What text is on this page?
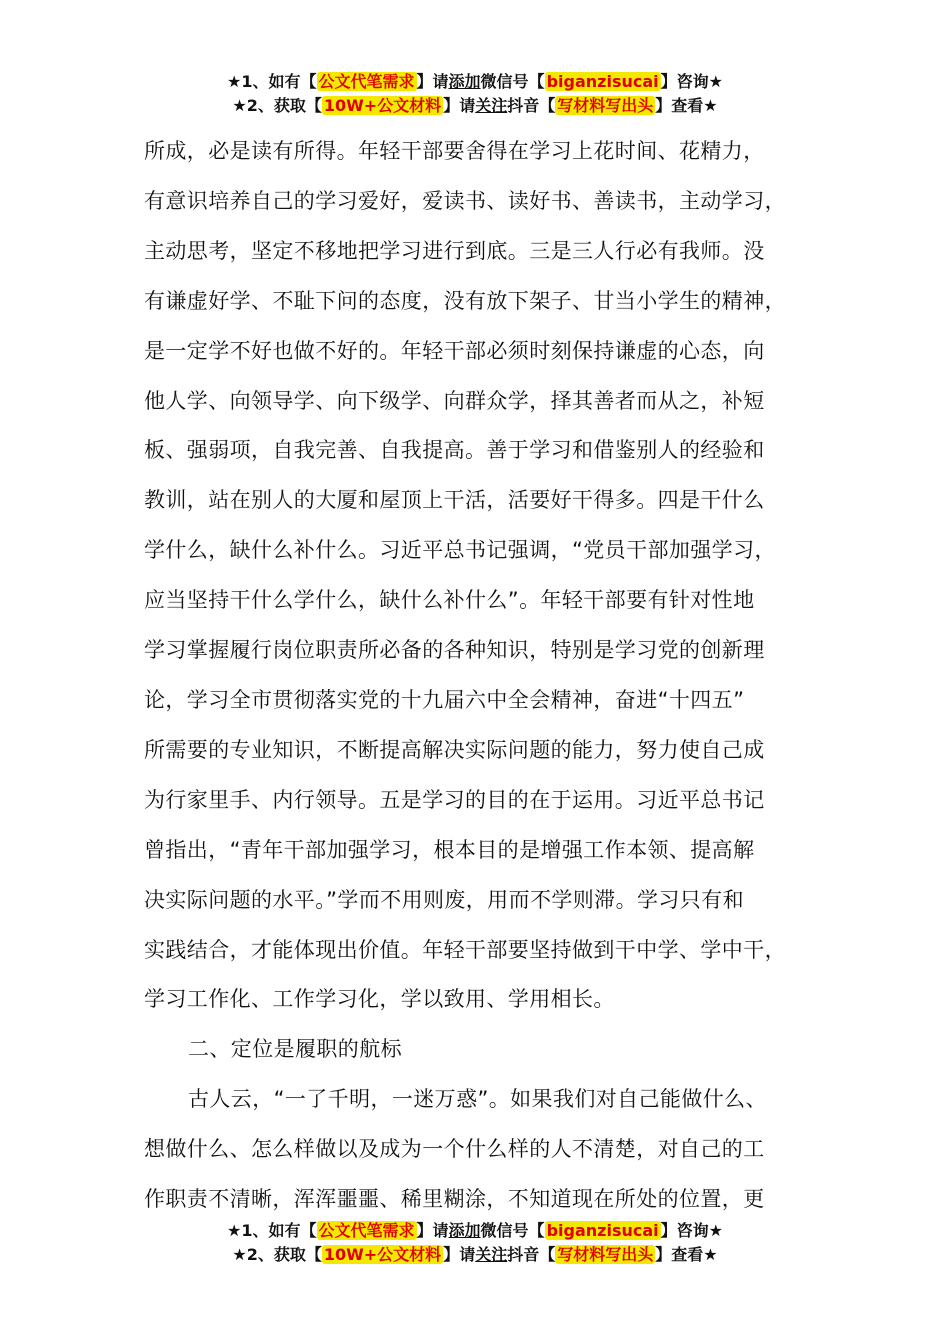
★1、如有【 公文代笔需求 】请添加微信号【 biganzisucai 】咨询★
★2、获取【 10W+公文材料 】请关注抖音【 写材料写出头 】查看★

所成，必是读有所得。年轻干部要舍得在学习上花时间、花精力，
有意识培养自己的学习爱好，爱读书、读好书、善读书，主动学习，
主动思考，坚定不移地把学习进行到底。三是三人行必有我师。没
有谦虚好学、不耻下问的态度，没有放下架子、甘当小学生的精神，
是一定学不好也做不好的。年轻干部必须时刻保持谦虚的心态，向
他人学、向领导学、向下级学、向群众学，择其善者而从之，补短
板、强弱项，自我完善、自我提高。善于学习和借鉴别人的经验和
教训，站在别人的大厦和屋顶上干活，活要好干得多。四是干什么
学什么，缺什么补什么。习近平总书记强调，“党员干部加强学习，
应当坚持干什么学什么，缺什么补什么”。年轻干部要有针对性地
学习掌握履行岗位职责所必备的各种知识，特别是学习党的创新理
论，学习全市贯彻落实党的十九届六中全会精神，奋进“十四五”
所需要的专业知识，不断提高解决实际问题的能力，努力使自己成
为行家里手、内行领导。五是学习的目的在于运用。习近平总书记
曾指出，“青年干部加强学习，根本目的是增强工作本领、提高解
决实际问题的水平。”学而不用则废，用而不学则滞。学习只有和
实践结合，才能体现出价值。年轻干部要坚持做到干中学、学中干，
学习工作化、工作学习化，学以致用、学用相长。

二、定位是履职的航标

古人云，“一了千明，一迷万惑”。如果我们对自己能做什么、
想做什么、怎么样做以及成为一个什么样的人不清楚，对自己的工
作职责不清晰，浑浑噩噩、稀里糊涂，不知道现在所处的位置，更

★1、如有【 公文代笔需求 】请添加微信号【 biganzisucai 】咨询★
★2、获取【 10W+公文材料 】请关注抖音【 写材料写出头 】查看★
